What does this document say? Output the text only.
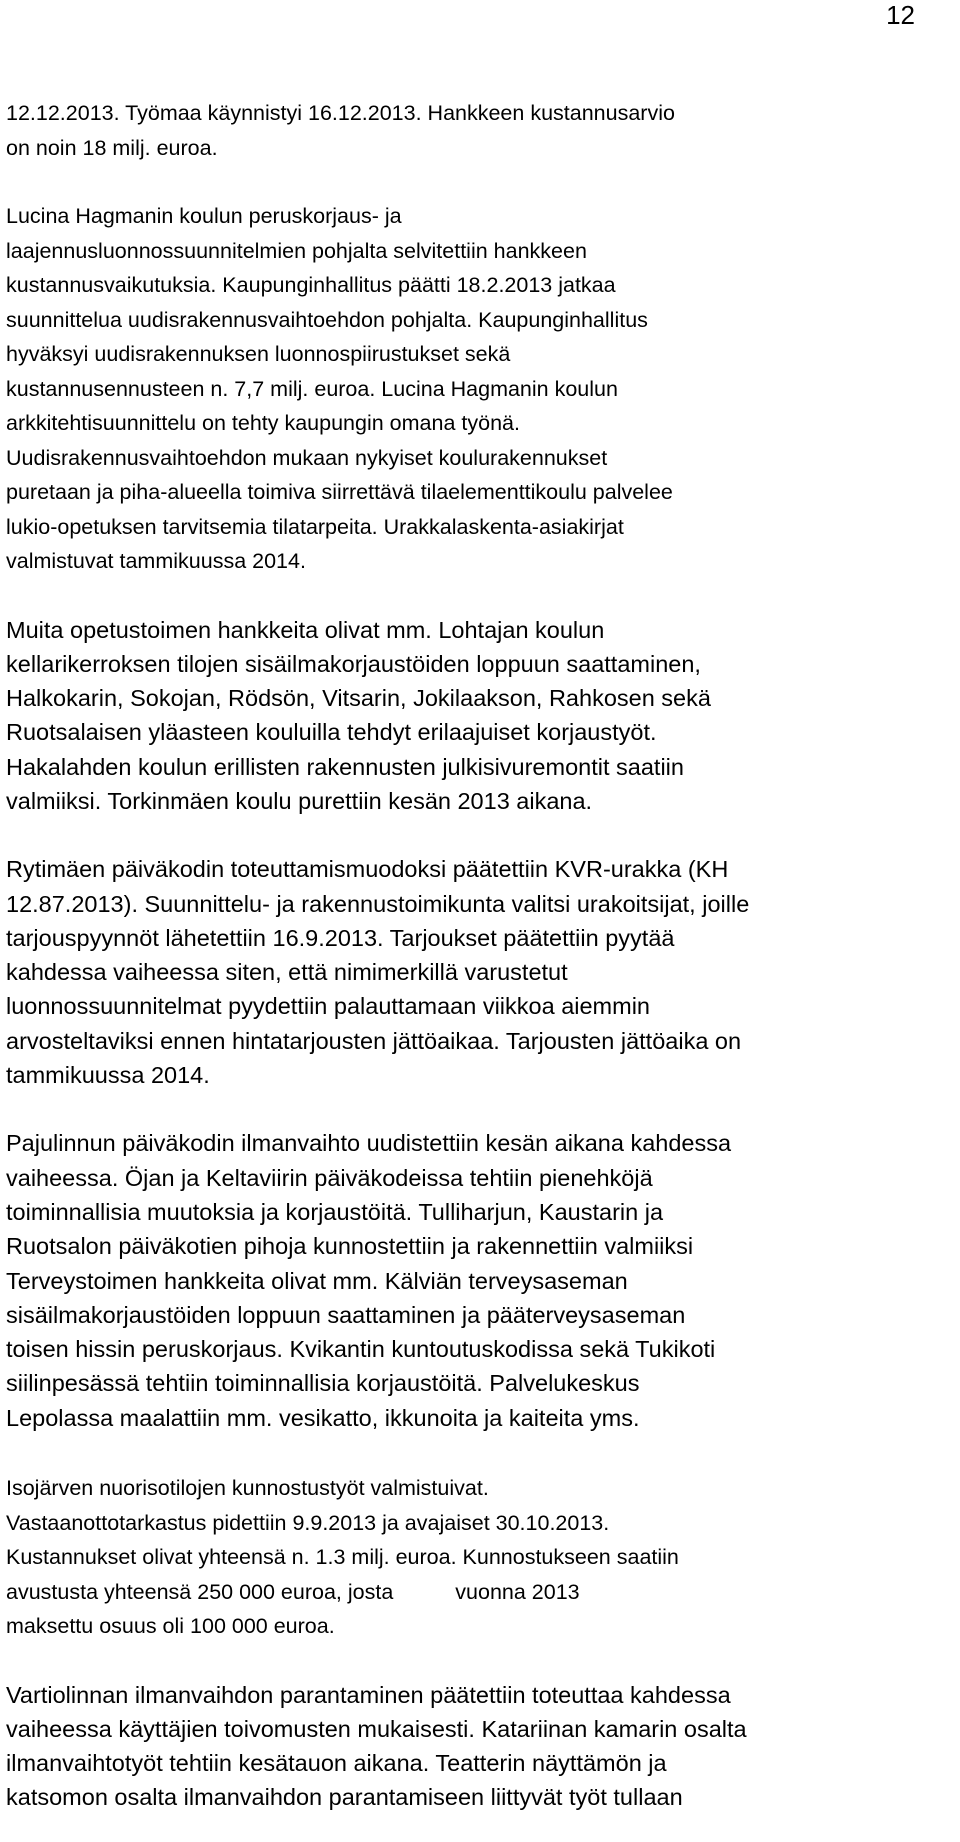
12
12.12.2013. Työmaa käynnistyi 16.12.2013. Hankkeen kustannusarvio
on noin 18 milj. euroa.
Lucina Hagmanin koulun peruskorjaus- ja
laajennusluonnossuunnitelmien pohjalta selvitettiin hankkeen
kustannusvaikutuksia. Kaupunginhallitus päätti 18.2.2013 jatkaa
suunnittelua uudisrakennusvaihtoehdon pohjalta. Kaupunginhallitus
hyväksyi uudisrakennuksen luonnospiirustukset sekä
kustannusennusteen n. 7,7 milj. euroa. Lucina Hagmanin koulun
arkkitehtisuunnittelu on tehty kaupungin omana työnä.
Uudisrakennusvaihtoehdon mukaan nykyiset koulurakennukset
puretaan ja piha-alueella toimiva siirrettävä tilaelementtikoulu palvelee
lukio-opetuksen tarvitsemia tilatarpeita. Urakkalaskenta-asiakirjat
valmistuvat tammikuussa 2014.
Muita opetustoimen hankkeita olivat mm. Lohtajan koulun
kellarikerroksen tilojen sisäilmakorjaustöiden loppuun saattaminen,
Halkokarin, Sokojan, Rödsön, Vitsarin, Jokilaakson, Rahkosen sekä
Ruotsalaisen yläasteen kouluilla tehdyt erilaajuiset korjaustyöt.
Hakalahden koulun erillisten rakennusten julkisivuremontit saatiin
valmiiksi. Torkinmäen koulu purettiin kesän 2013 aikana.
Rytimäen päiväkodin toteuttamismuodoksi päätettiin KVR-urakka (KH
12.87.2013). Suunnittelu- ja rakennustoimikunta valitsi urakoitsijat, joille
tarjouspyynnöt lähetettiin 16.9.2013. Tarjoukset päätettiin pyytää
kahdessa vaiheessa siten, että nimimerkillä varustetut
luonnossuunnitelmat pyydettiin palauttamaan viikkoa aiemmin
arvosteltaviksi ennen hintatarjousten jättöaikaa. Tarjousten jättöaika on
tammikuussa 2014.
Pajulinnun päiväkodin ilmanvaihto uudistettiin kesän aikana kahdessa
vaiheessa. Öjan ja Keltaviirin päiväkodeissa tehtiin pienehköjä
toiminnallisia muutoksia ja korjaustöitä. Tulliharjun, Kaustarin ja
Ruotsalon päiväkotien pihoja kunnostettiin ja rakennettiin valmiiksi
Terveystoimen hankkeita olivat mm. Kälviän terveysaseman
sisäilmakorjaustöiden loppuun saattaminen ja pääterveysaseman
toisen hissin peruskorjaus. Kvikantin kuntoutuskodissa sekä Tukikoti
siilinpesässä tehtiin toiminnallisia korjaustöitä. Palvelukeskus
Lepolassa maalattiin mm. vesikatto, ikkunoita ja kaiteita yms.
Isojärven nuorisotilojen kunnostustyöt valmistuivat.
Vastaanottotarkastus pidettiin 9.9.2013 ja avajaiset 30.10.2013.
Kustannukset olivat yhteensä n. 1.3 milj. euroa. Kunnostukseen saatiin
avustusta yhteensä 250 000 euroa, josta	vuonna 2013
maksettu osuus oli 100 000 euroa.
Vartiolinnan ilmanvaihdon parantaminen päätettiin toteuttaa kahdessa
vaiheessa käyttäjien toivomusten mukaisesti. Katariinan kamarin osalta
ilmanvaihtotyöt tehtiin kesätauon aikana. Teatterin näyttämön ja
katsomon osalta ilmanvaihdon parantamiseen liittyvät työt tullaan
